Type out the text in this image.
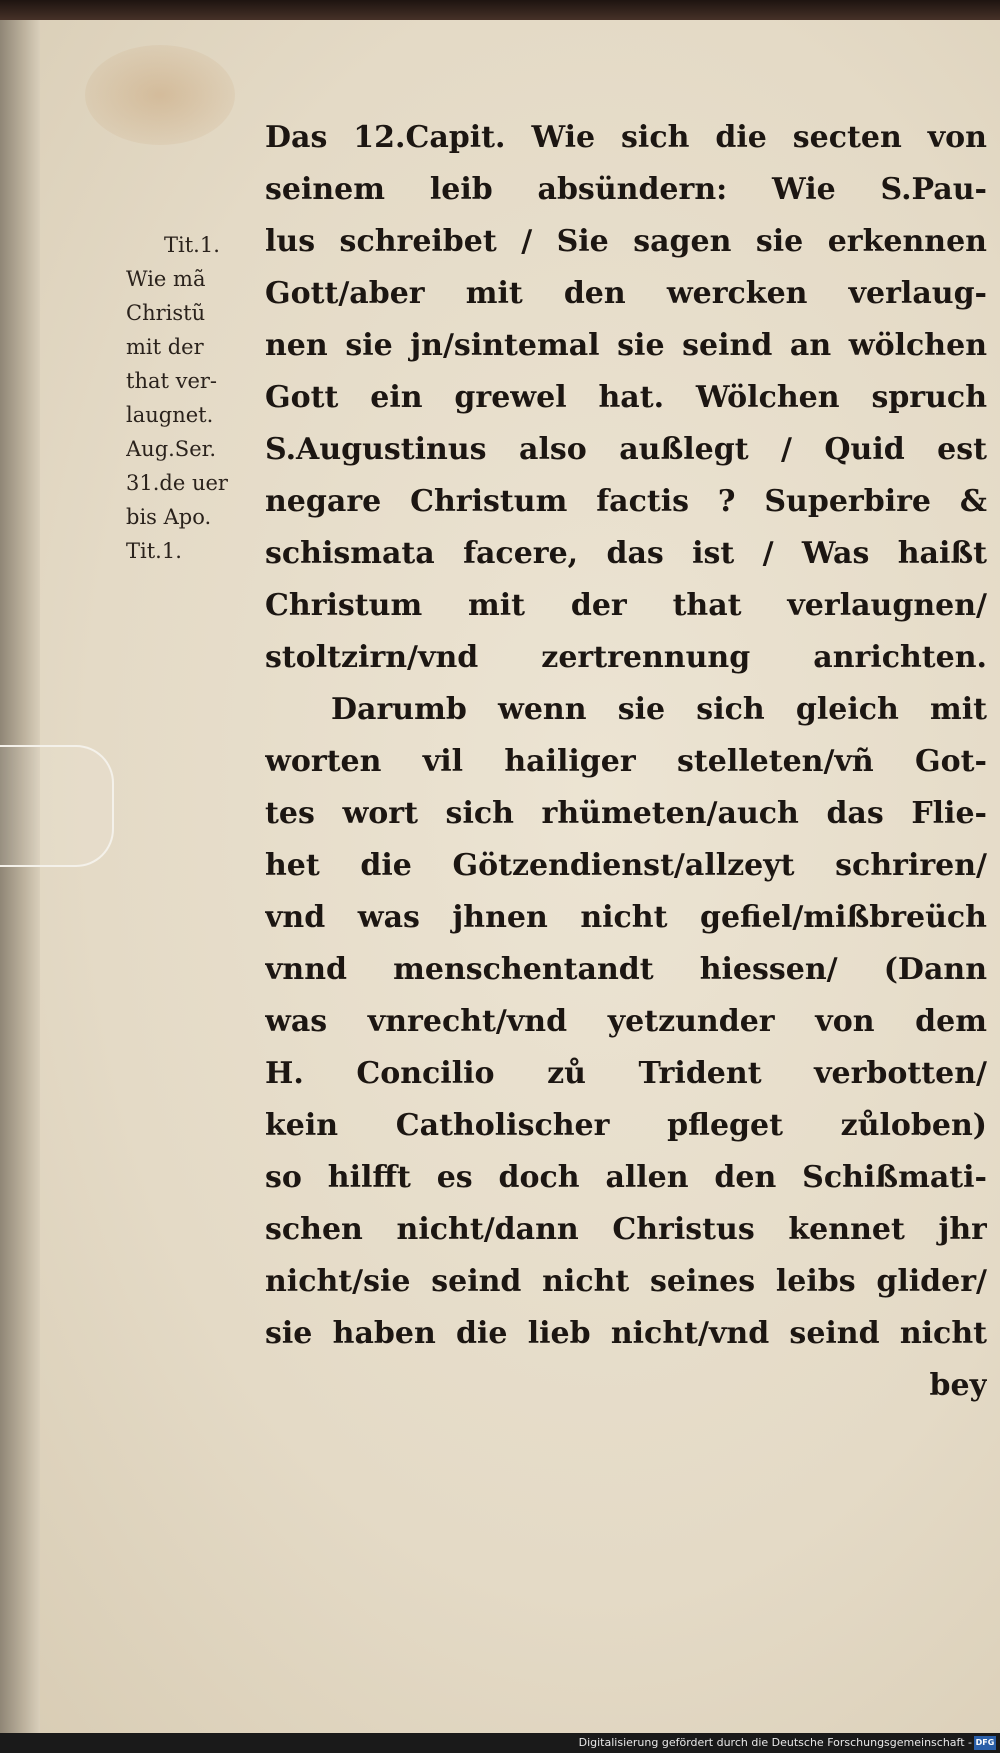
Das 12.Capit. Wie sich die secten von
seinem leib absündern: Wie S.Pau-
lus schreibet / Sie sagen sie erkennen
Gott/aber mit den wercken verlaug-
nen sie jn/sintemal sie seind an wölchen
Gott ein grewel hat. Wölchen spruch
S.Augustinus also außlegt / Quid est
negare Christum factis ? Superbire &
schismata facere, das ist / Was haißt
Christum mit der that verlaugnen/
stoltzirn/vnd zertrennung anrichten.
Darumb wenn sie sich gleich mit
worten vil hailiger stelleten/vñ Got-
tes wort sich rhümeten/auch das Flie-
het die Götzendienst/allzeyt schriren/
vnd was jhnen nicht gefiel/mißbreüch
vnnd menschentandt hiessen/ (Dann
was vnrecht/vnd yetzunder von dem
H. Concilio zů Trident verbotten/
kein Catholischer pfleget zůloben)
so hilfft es doch allen den Schißmati-
schen nicht/dann Christus kennet jhr
nicht/sie seind nicht seines leibs glider/
sie haben die lieb nicht/vnd seind nicht
bey
Tit.1.
Wie mã
Christũ
mit der
that ver-
laugnet.
Aug.Ser.
31.de uer
bis Apo.
Tit.1.
Digitalisierung gefördert durch die Deutsche Forschungsgemeinschaft - DFG
